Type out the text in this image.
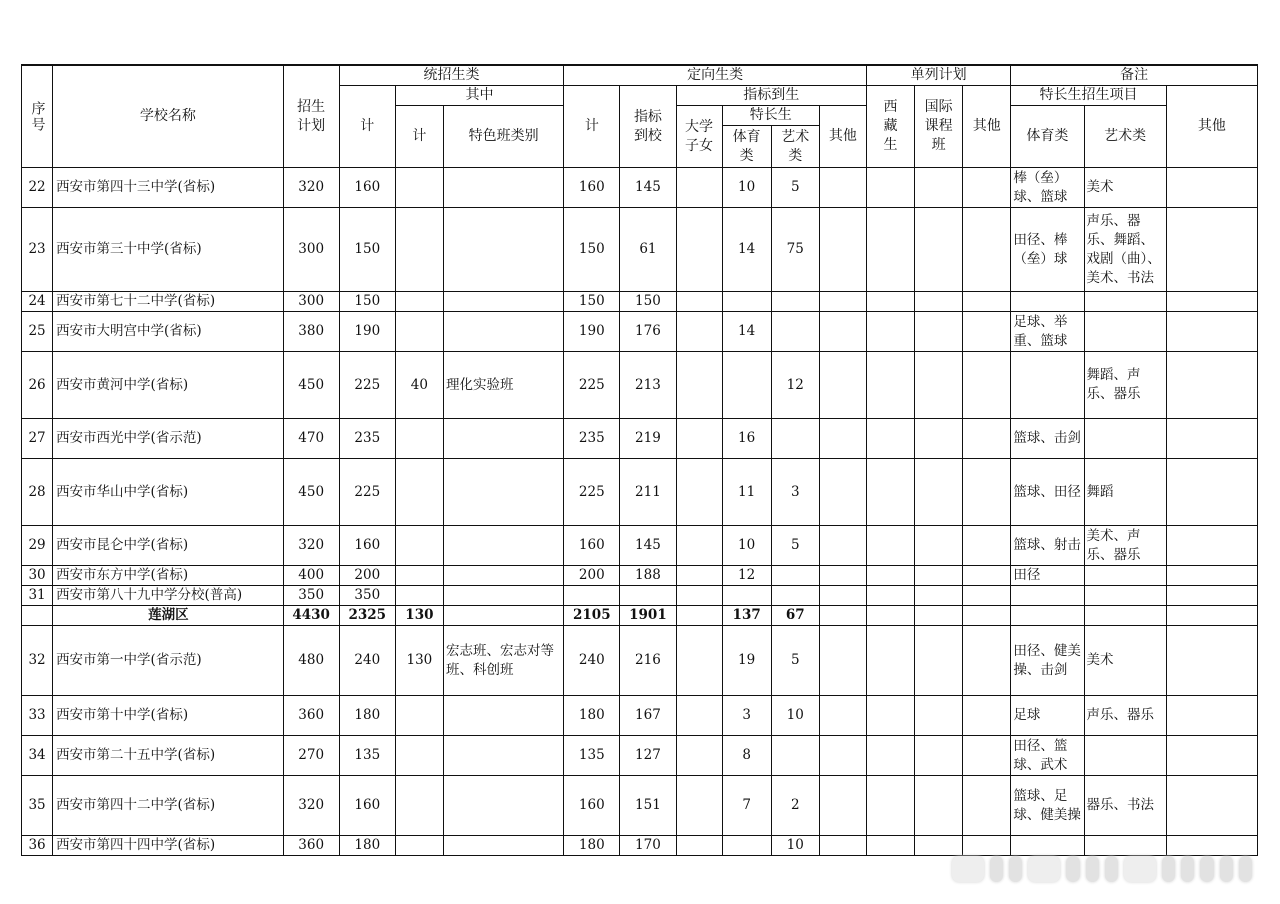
序号	学校名称	招生计划	统招生类			定向生类						单列计划			备注		
			计	其中		计	指标到校	指标到生				西藏生	国际课程班	其他	特长生招生项目		其他
				计	特色班类别			大学子女	特长生		其他				体育类	艺术类	
									体育类	艺术类							
22	西安市第四十三中学(省标)	320	160			160	145		10	5					棒（垒）球、篮球	美术	
23	西安市第三十中学(省标)	300	150			150	61		14	75					田径、棒（垒）球	声乐、器乐、舞蹈、戏剧（曲）、美术、书法	
24	西安市第七十二中学(省标)	300	150			150	150										
25	西安市大明宫中学(省标)	380	190			190	176		14						足球、举重、篮球		
26	西安市黄河中学(省标)	450	225	40	理化实验班	225	213			12						舞蹈、声乐、器乐	
27	西安市西光中学(省示范)	470	235			235	219		16						篮球、击剑		
28	西安市华山中学(省标)	450	225			225	211		11	3					篮球、田径	舞蹈	
29	西安市昆仑中学(省标)	320	160			160	145		10	5					篮球、射击	美术、声乐、器乐	
30	西安市东方中学(省标)	400	200			200	188		12						田径		
31	西安市第八十九中学分校(普高)	350	350														
	莲湖区	4430	2325	130		2105	1901		137	67							
32	西安市第一中学(省示范)	480	240	130	宏志班、宏志对等班、科创班	240	216		19	5					田径、健美操、击剑	美术	
33	西安市第十中学(省标)	360	180			180	167		3	10					足球	声乐、器乐	
34	西安市第二十五中学(省标)	270	135			135	127		8						田径、篮球、武术		
35	西安市第四十二中学(省标)	320	160			160	151		7	2					篮球、足球、健美操	器乐、书法	
36	西安市第四十四中学(省标)	360	180			180	170			10							
